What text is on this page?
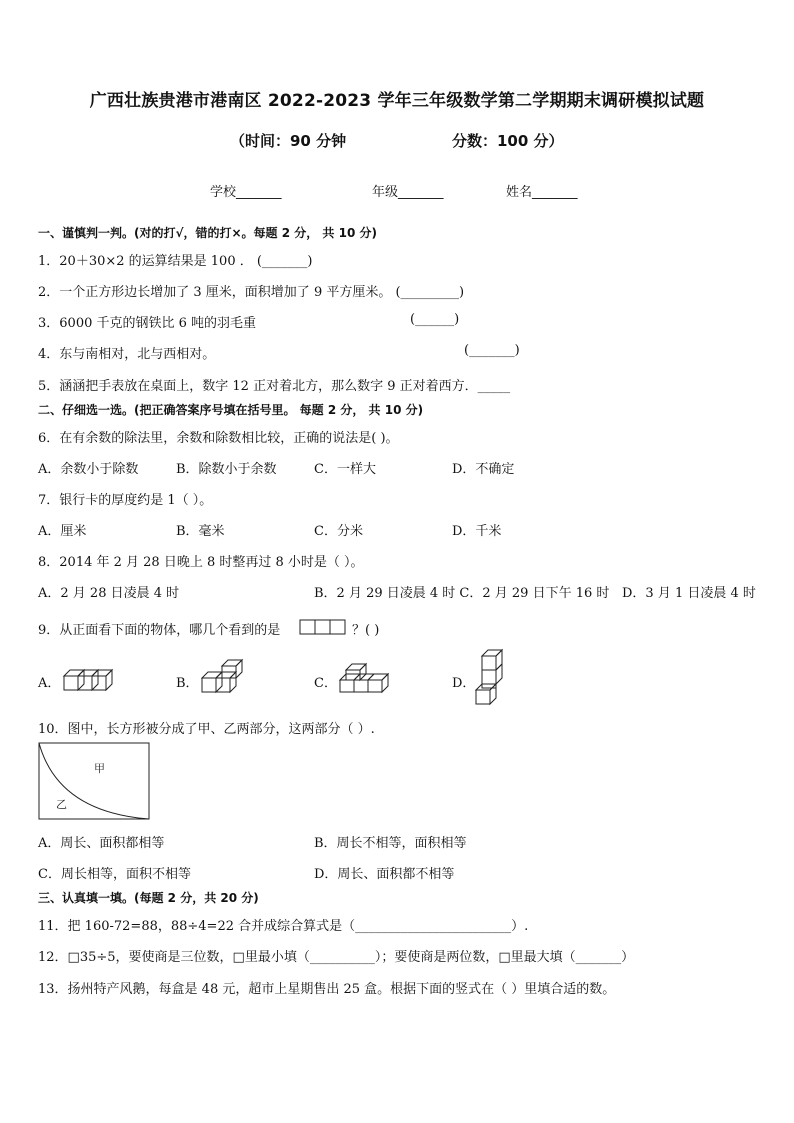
广西壮族贵港市港南区 2022-2023 学年三年级数学第二学期期末调研模拟试题
（时间：90 分钟	分数：100 分）
学校_______	年级_______	姓名_______
一、谨慎判一判。(对的打√，错的打×。每题 2 分， 共 10 分)
1．20＋30×2 的运算结果是 100 ． (_______)
2．一个正方形边长增加了 3 厘米，面积增加了 9 平方厘米。 (_________)
3．6000 千克的钢铁比 6 吨的羽毛重	(______)
4．东与南相对，北与西相对。	(_______)
5．涵涵把手表放在桌面上，数字 12 正对着北方，那么数字 9 正对着西方．_____
二、仔细选一选。(把正确答案序号填在括号里。 每题 2 分， 共 10 分)
6．在有余数的除法里，余数和除数相比较，正确的说法是( )。
A．余数小于除数	B．除数小于余数	C．一样大	D．不确定
7．银行卡的厚度约是 1（ ）。
A．厘米	B．毫米	C．分米	D．千米
8．2014 年 2 月 28 日晚上 8 时整再过 8 小时是（ ）。
A．2 月 28 日凌晨 4 时	B．2 月 29 日凌晨 4 时 C．2 月 29 日下午 16 时 D．3 月 1 日凌晨 4 时
9．从正面看下面的物体，哪几个看到的是	？( )
A．	B．	C．	D．
10．图中，长方形被分成了甲、乙两部分，这两部分（ ）.
甲
乙
A．周长、面积都相等	B．周长不相等，面积相等
C．周长相等，面积不相等	D．周长、面积都不相等
三、认真填一填。(每题 2 分，共 20 分)
11．把 160-72=88，88÷4=22 合并成综合算式是（________________________）.
12．□35÷5，要使商是三位数，□里最小填（__________）；要使商是两位数，□里最大填（_______）
13．扬州特产风鹅，每盒是 48 元，超市上星期售出 25 盒。根据下面的竖式在（ ）里填合适的数。
